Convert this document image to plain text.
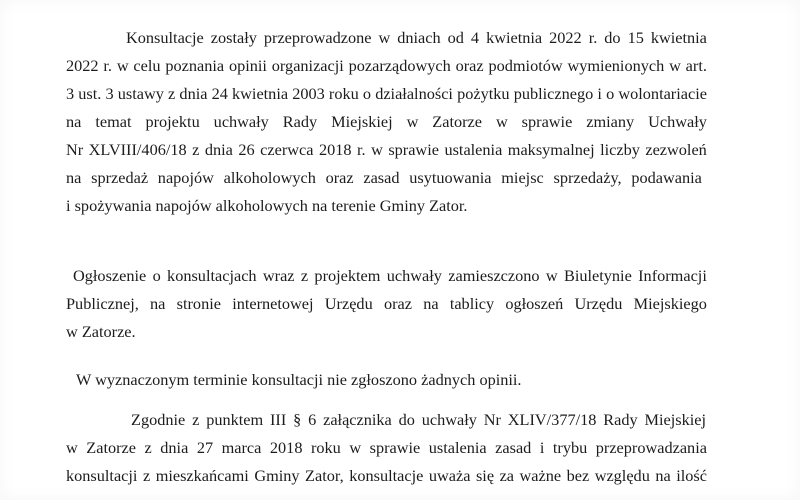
Konsultacje zostały przeprowadzone w dniach od 4 kwietnia 2022 r. do 15 kwietnia

2022 r. w celu poznania opinii organizacji pozarządowych oraz podmiotów wymienionych w art.

3 ust. 3 ustawy z dnia 24 kwietnia 2003 roku o działalności pożytku publicznego i o wolontariacie

na temat projektu uchwały Rady Miejskiej w Zatorze w sprawie zmiany Uchwały

Nr XLVIII/406/18 z dnia 26 czerwca 2018 r. w sprawie ustalenia maksymalnej liczby zezwoleń

na sprzedaż napojów alkoholowych oraz zasad usytuowania miejsc sprzedaży, podawania

i spożywania napojów alkoholowych na terenie Gminy Zator.

Ogłoszenie o konsultacjach wraz z projektem uchwały zamieszczono w Biuletynie Informacji

Publicznej, na stronie internetowej Urzędu oraz na tablicy ogłoszeń Urzędu Miejskiego

w Zatorze.

W wyznaczonym terminie konsultacji nie zgłoszono żadnych opinii.

Zgodnie z punktem III § 6 załącznika do uchwały Nr XLIV/377/18 Rady Miejskiej

w Zatorze z dnia 27 marca 2018 roku w sprawie ustalenia zasad i trybu przeprowadzania

konsultacji z mieszkańcami Gminy Zator, konsultacje uważa się za ważne bez względu na ilość
